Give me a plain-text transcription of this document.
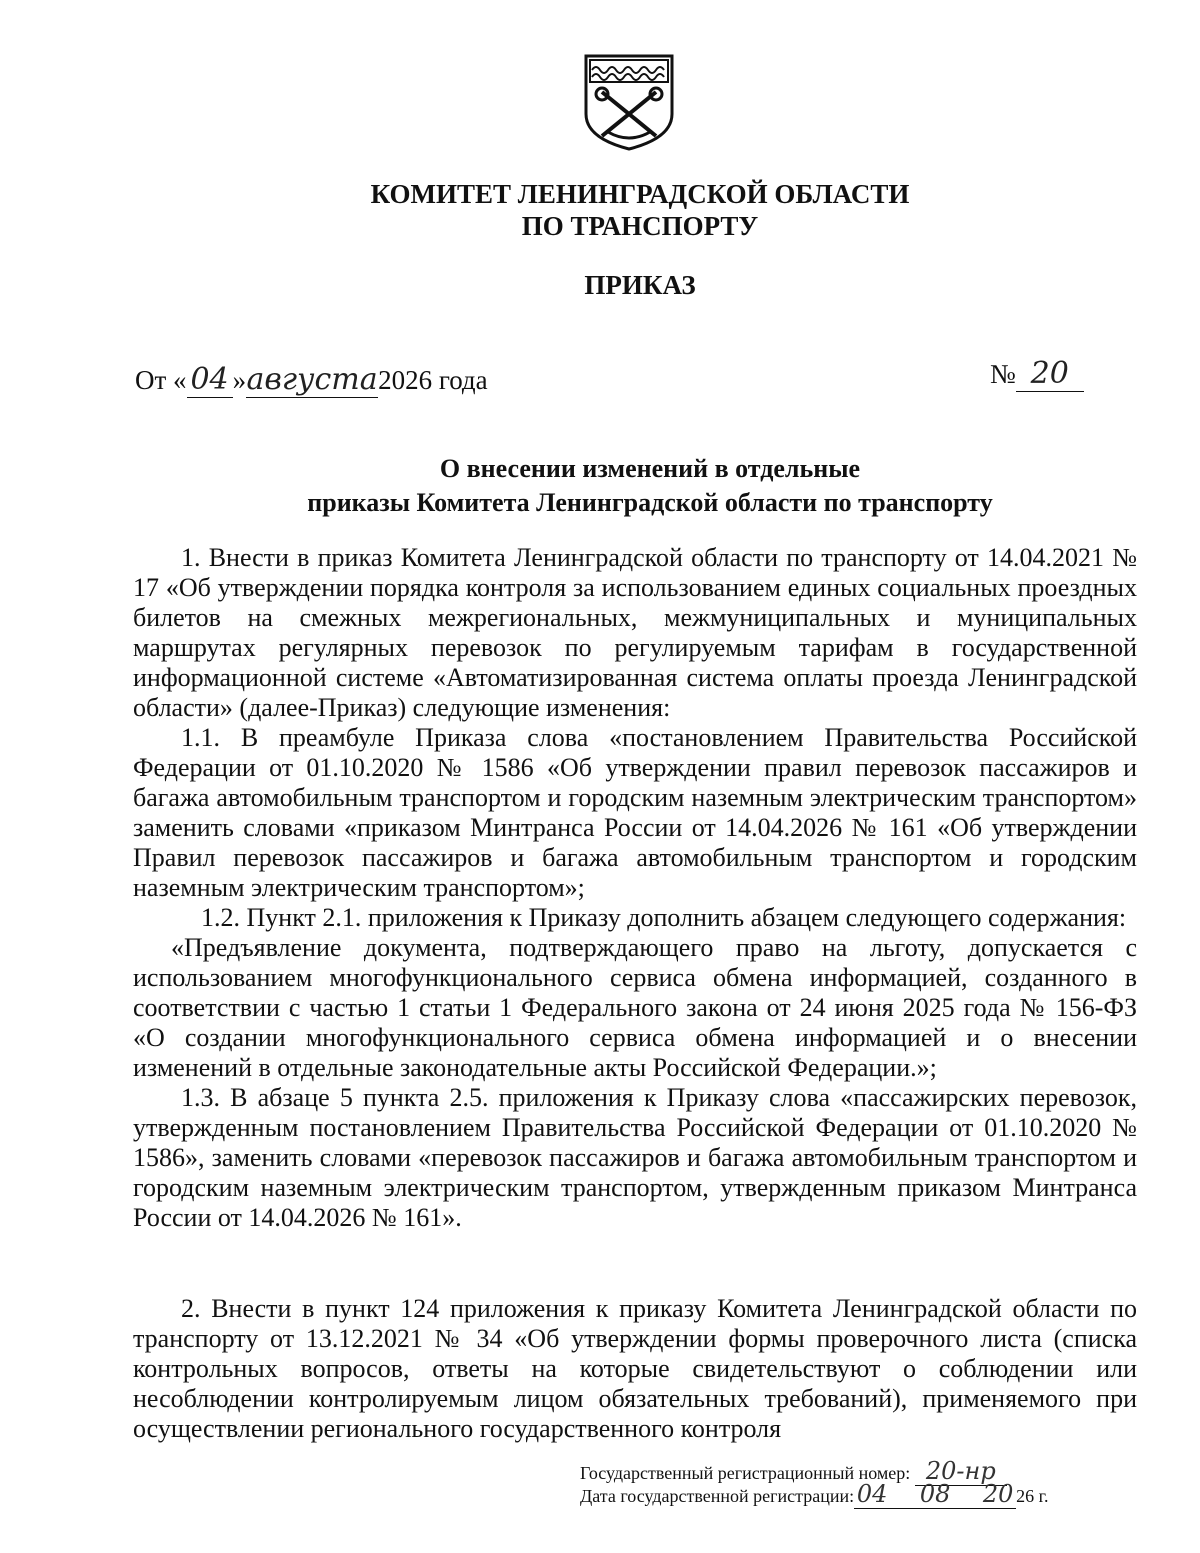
КОМИТЕТ ЛЕНИНГРАДСКОЙ ОБЛАСТИ
ПО ТРАНСПОРТУ
ПРИКАЗ
От « 04 »августа2026 года	№ 20
О внесении изменений в отдельные
приказы Комитета Ленинградской области по транспорту

1. Внести в приказ Комитета Ленинградской области по транспорту от 14.04.2021 № 17 «Об утверждении порядка контроля за использованием единых социальных проездных билетов на смежных межрегиональных, межмуниципальных и муниципальных маршрутах регулярных перевозок по регулируемым тарифам в государственной информационной системе «Автоматизированная система оплаты проезда Ленинградской области» (далее-Приказ) следующие изменения:

1.1. В преамбуле Приказа слова «постановлением Правительства Российской Федерации от 01.10.2020 № 1586 «Об утверждении правил перевозок пассажиров и багажа автомобильным транспортом и городским наземным электрическим транспортом» заменить словами «приказом Минтранса России от 14.04.2026 № 161 «Об утверждении Правил перевозок пассажиров и багажа автомобильным транспортом и городским наземным электрическим транспортом»;

1.2. Пункт 2.1. приложения к Приказу дополнить абзацем следующего содержания:

«Предъявление документа, подтверждающего право на льготу, допускается с использованием многофункционального сервиса обмена информацией, созданного в соответствии с частью 1 статьи 1 Федерального закона от 24 июня 2025 года № 156-ФЗ «О создании многофункционального сервиса обмена информацией и о внесении изменений в отдельные законодательные акты Российской Федерации.»;

1.3. В абзаце 5 пункта 2.5. приложения к Приказу слова «пассажирских перевозок, утвержденным постановлением Правительства Российской Федерации от 01.10.2020 № 1586», заменить словами «перевозок пассажиров и багажа автомобильным транспортом и городским наземным электрическим транспортом, утвержденным приказом Минтранса России от 14.04.2026 № 161».

2. Внести в пункт 124 приложения к приказу Комитета Ленинградской области по транспорту от 13.12.2021 № 34 «Об утверждении формы проверочного листа (списка контрольных вопросов, ответы на которые свидетельствуют о соблюдении или несоблюдении контролируемым лицом обязательных требований), применяемого при осуществлении регионального государственного контроля

Государственный регистрационный номер: 20-нр
Дата государственной регистрации: 04 08 20 26 г.
